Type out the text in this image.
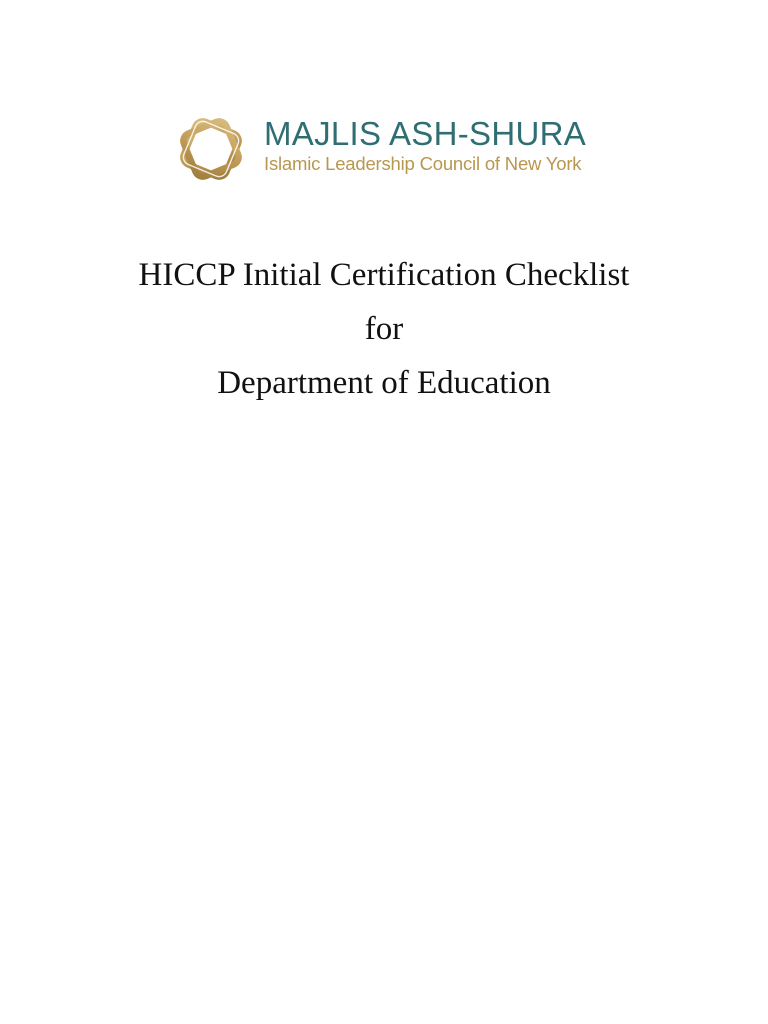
MAJLIS ASH-SHURA
Islamic Leadership Council of New York
HICCP Initial Certification Checklist
for
Department of Education
